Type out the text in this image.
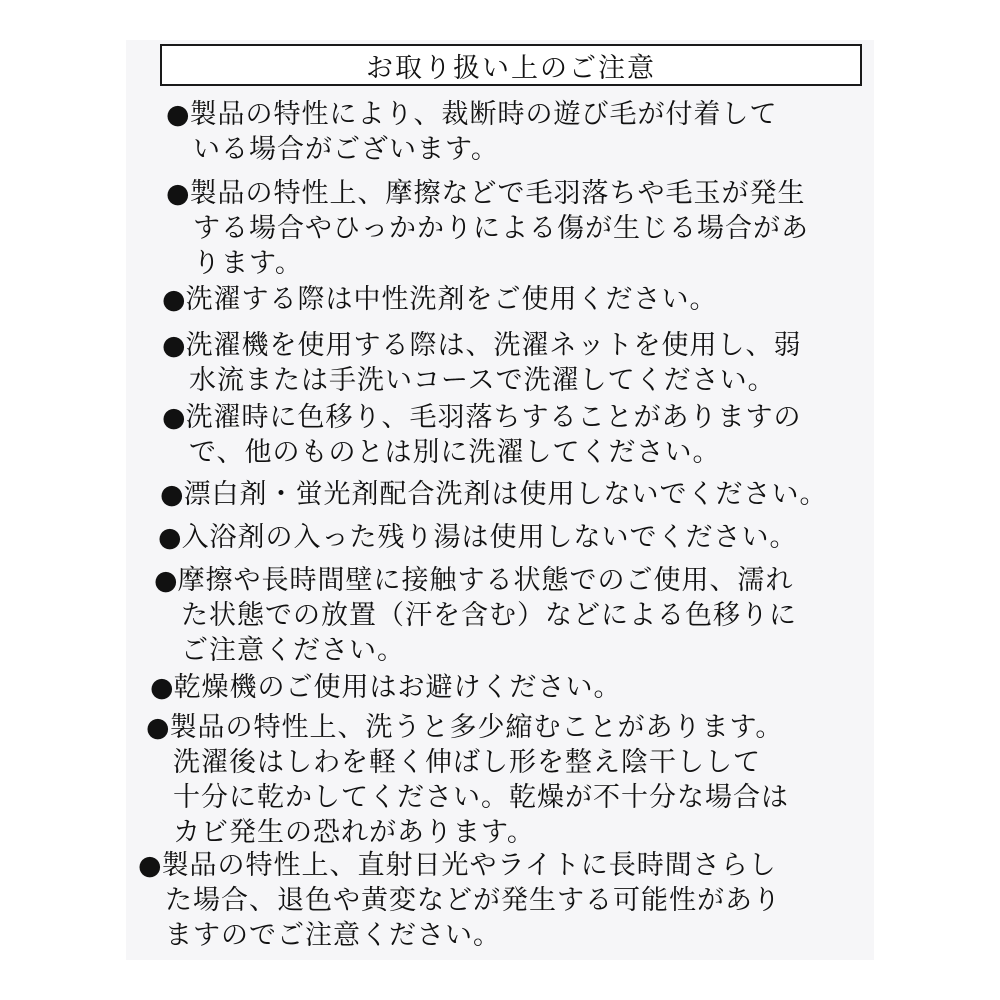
お取り扱い上のご注意
●製品の特性により、裁断時の遊び毛が付着して
いる場合がございます。
●製品の特性上、摩擦などで毛羽落ちや毛玉が発生
する場合やひっかかりによる傷が生じる場合があ
ります。
●洗濯する際は中性洗剤をご使用ください。
●洗濯機を使用する際は、洗濯ネットを使用し、弱
水流または手洗いコースで洗濯してください。
●洗濯時に色移り、毛羽落ちすることがありますの
で、他のものとは別に洗濯してください。
●漂白剤・蛍光剤配合洗剤は使用しないでください。
●入浴剤の入った残り湯は使用しないでください。
●摩擦や長時間壁に接触する状態でのご使用、濡れ
た状態での放置（汗を含む）などによる色移りに
ご注意ください。
●乾燥機のご使用はお避けください。
●製品の特性上、洗うと多少縮むことがあります。
洗濯後はしわを軽く伸ばし形を整え陰干しして
十分に乾かしてください。乾燥が不十分な場合は
カビ発生の恐れがあります。
●製品の特性上、直射日光やライトに長時間さらし
た場合、退色や黄変などが発生する可能性があり
ますのでご注意ください。
